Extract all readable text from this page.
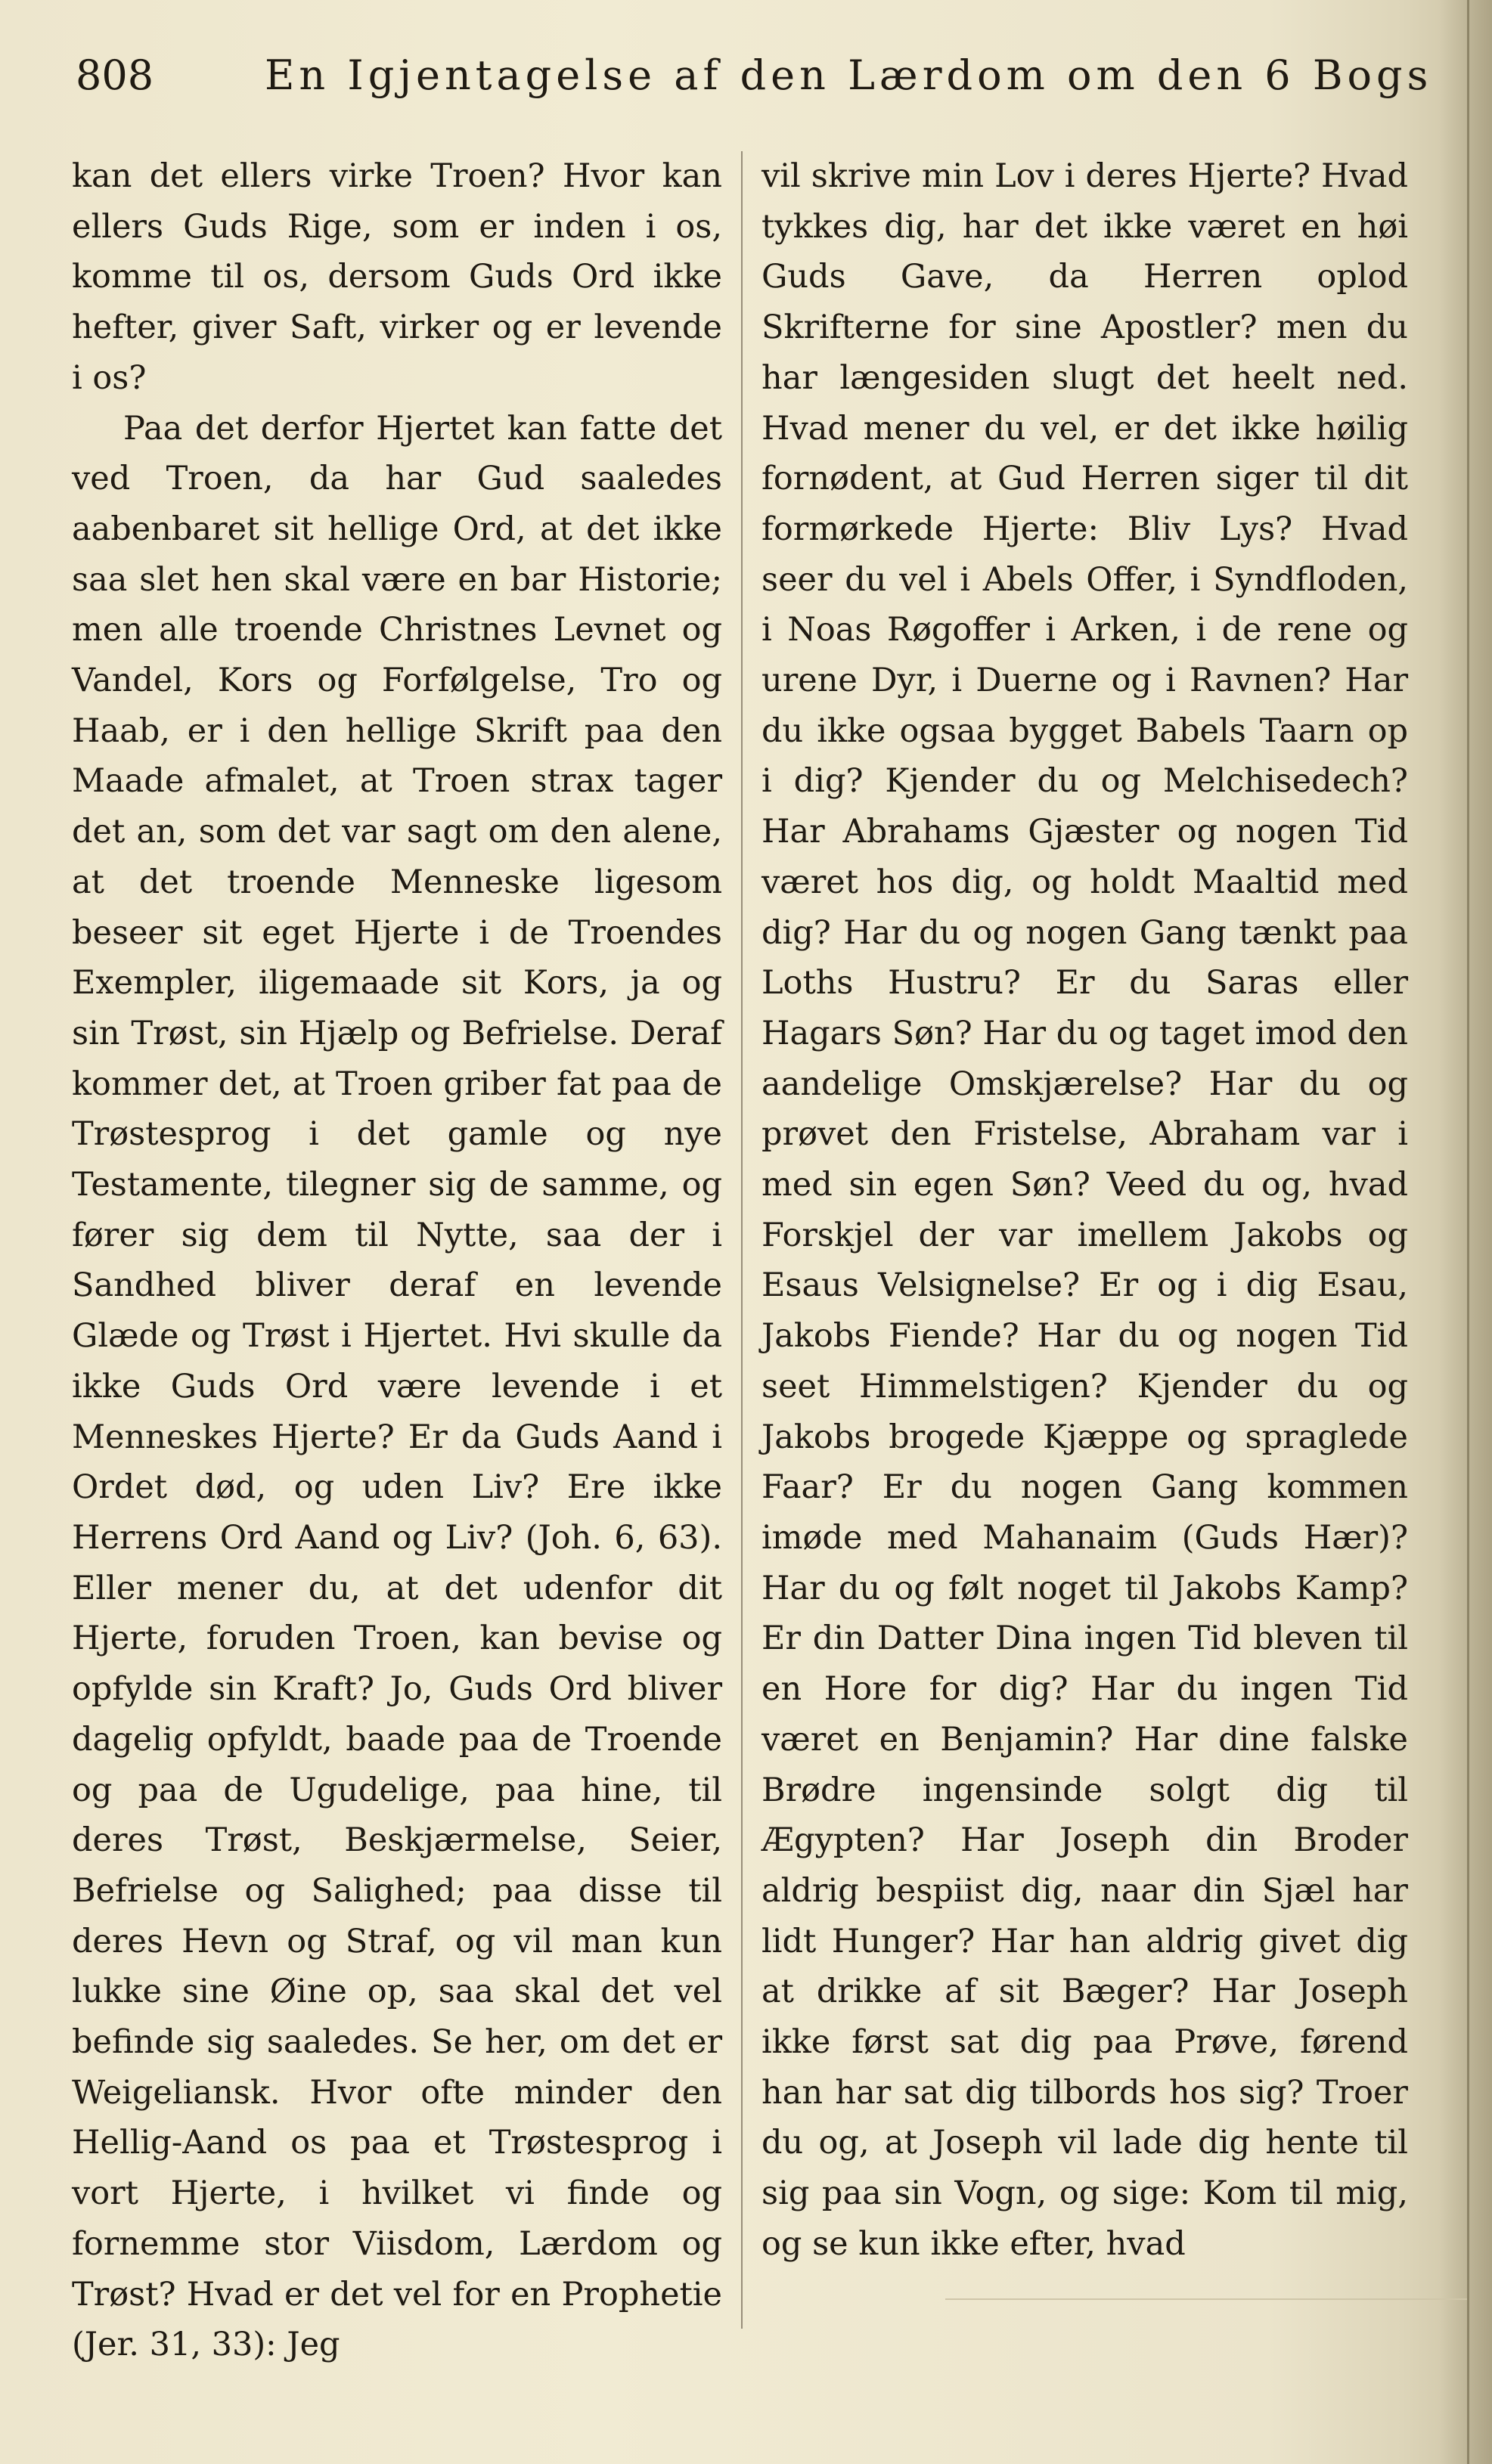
808	En Igjentagelse af den Lærdom om den 6 Bogs

kan det ellers virke Troen? Hvor kan ellers Guds Rige, som er inden i os, komme til os, dersom Guds Ord ikke hefter, giver Saft, virker og er levende i os?

Paa det derfor Hjertet kan fatte det ved Troen, da har Gud saaledes aabenbaret sit hellige Ord, at det ikke saa slet hen skal være en bar Historie; men alle troende Christnes Levnet og Vandel, Kors og Forfølgelse, Tro og Haab, er i den hellige Skrift paa den Maade afmalet, at Troen strax tager det an, som det var sagt om den alene, at det troende Menneske ligesom beseer sit eget Hjerte i de Troendes Exempler, iligemaade sit Kors, ja og sin Trøst, sin Hjælp og Befrielse. Deraf kommer det, at Troen griber fat paa de Trøstesprog i det gamle og nye Testamente, tilegner sig de samme, og fører sig dem til Nytte, saa der i Sandhed bliver deraf en levende Glæde og Trøst i Hjertet. Hvi skulle da ikke Guds Ord være levende i et Menneskes Hjerte? Er da Guds Aand i Ordet død, og uden Liv? Ere ikke Herrens Ord Aand og Liv? (Joh. 6, 63). Eller mener du, at det udenfor dit Hjerte, foruden Troen, kan bevise og opfylde sin Kraft? Jo, Guds Ord bliver dagelig opfyldt, baade paa de Troende og paa de Ugudelige, paa hine, til deres Trøst, Beskjærmelse, Seier, Befrielse og Salighed; paa disse til deres Hevn og Straf, og vil man kun lukke sine Øine op, saa skal det vel befinde sig saaledes. Se her, om det er Weigeliansk. Hvor ofte minder den Hellig-Aand os paa et Trøstesprog i vort Hjerte, i hvilket vi finde og fornemme stor Viisdom, Lærdom og Trøst? Hvad er det vel for en Prophetie (Jer. 31, 33): Jeg

vil skrive min Lov i deres Hjerte? Hvad tykkes dig, har det ikke været en høi Guds Gave, da Herren oplod Skrifterne for sine Apostler? men du har længesiden slugt det heelt ned. Hvad mener du vel, er det ikke høilig fornødent, at Gud Herren siger til dit formørkede Hjerte: Bliv Lys? Hvad seer du vel i Abels Offer, i Syndfloden, i Noas Røgoffer i Arken, i de rene og urene Dyr, i Duerne og i Ravnen? Har du ikke ogsaa bygget Babels Taarn op i dig? Kjender du og Melchisedech? Har Abrahams Gjæster og nogen Tid været hos dig, og holdt Maaltid med dig? Har du og nogen Gang tænkt paa Loths Hustru? Er du Saras eller Hagars Søn? Har du og taget imod den aandelige Omskjærelse? Har du og prøvet den Fristelse, Abraham var i med sin egen Søn? Veed du og, hvad Forskjel der var imellem Jakobs og Esaus Velsignelse? Er og i dig Esau, Jakobs Fiende? Har du og nogen Tid seet Himmelstigen? Kjender du og Jakobs brogede Kjæppe og spraglede Faar? Er du nogen Gang kommen imøde med Mahanaim (Guds Hær)? Har du og følt noget til Jakobs Kamp? Er din Datter Dina ingen Tid bleven til en Hore for dig? Har du ingen Tid været en Benjamin? Har dine falske Brødre ingensinde solgt dig til Ægypten? Har Joseph din Broder aldrig bespiist dig, naar din Sjæl har lidt Hunger? Har han aldrig givet dig at drikke af sit Bæger? Har Joseph ikke først sat dig paa Prøve, førend han har sat dig tilbords hos sig? Troer du og, at Joseph vil lade dig hente til sig paa sin Vogn, og sige: Kom til mig, og se kun ikke efter, hvad
